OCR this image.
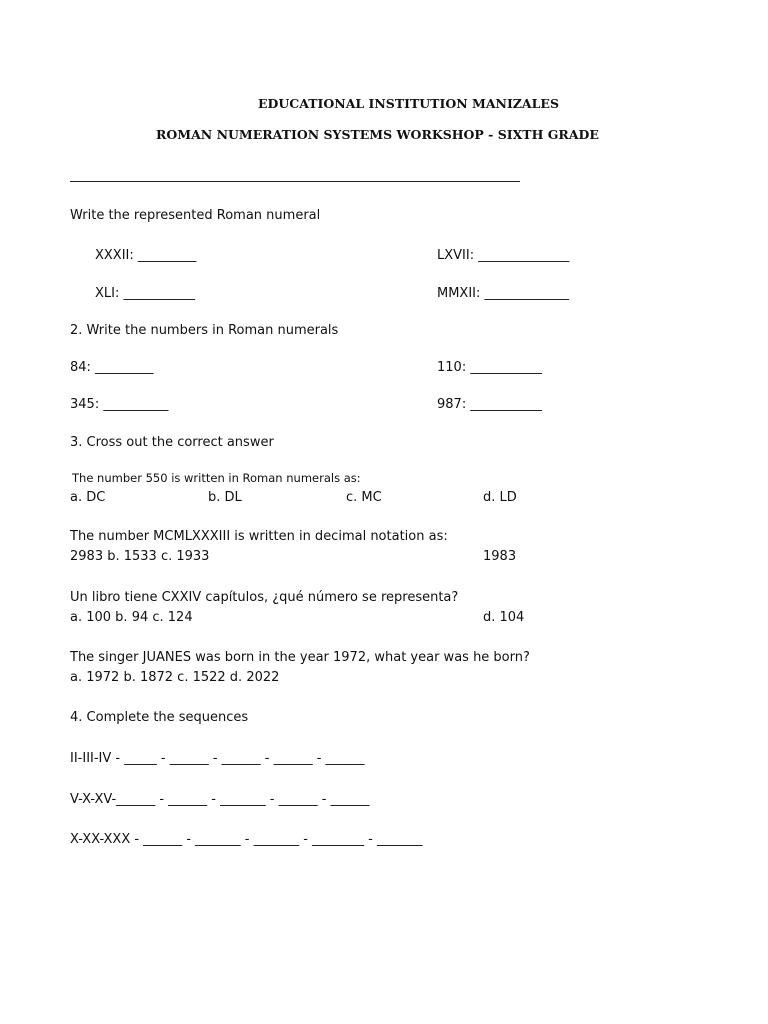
EDUCATIONAL INSTITUTION MANIZALES
ROMAN NUMERATION SYSTEMS WORKSHOP - SIXTH GRADE
Write the represented Roman numeral
XXXII: _________	LXVII: ______________
XLI: ___________	MMXII: _____________
2. Write the numbers in Roman numerals
84: _________	110: ___________
345: __________	987: ___________
3. Cross out the correct answer
The number 550 is written in Roman numerals as:
a. DC	b. DL	c. MC	d. LD
The number MCMLXXXIII is written in decimal notation as:
2983 b. 1533 c. 1933	1983
Un libro tiene CXXIV capítulos, ¿qué número se representa?
a. 100 b. 94 c. 124	d. 104
The singer JUANES was born in the year 1972, what year was he born?
a. 1972 b. 1872 c. 1522 d. 2022
4. Complete the sequences
II-III-IV - _____ - ______ - ______ - ______ - ______
V-X-XV-______ - ______ - _______ - ______ - ______
X-XX-XXX - ______ - _______ - _______ - ________ - _______
